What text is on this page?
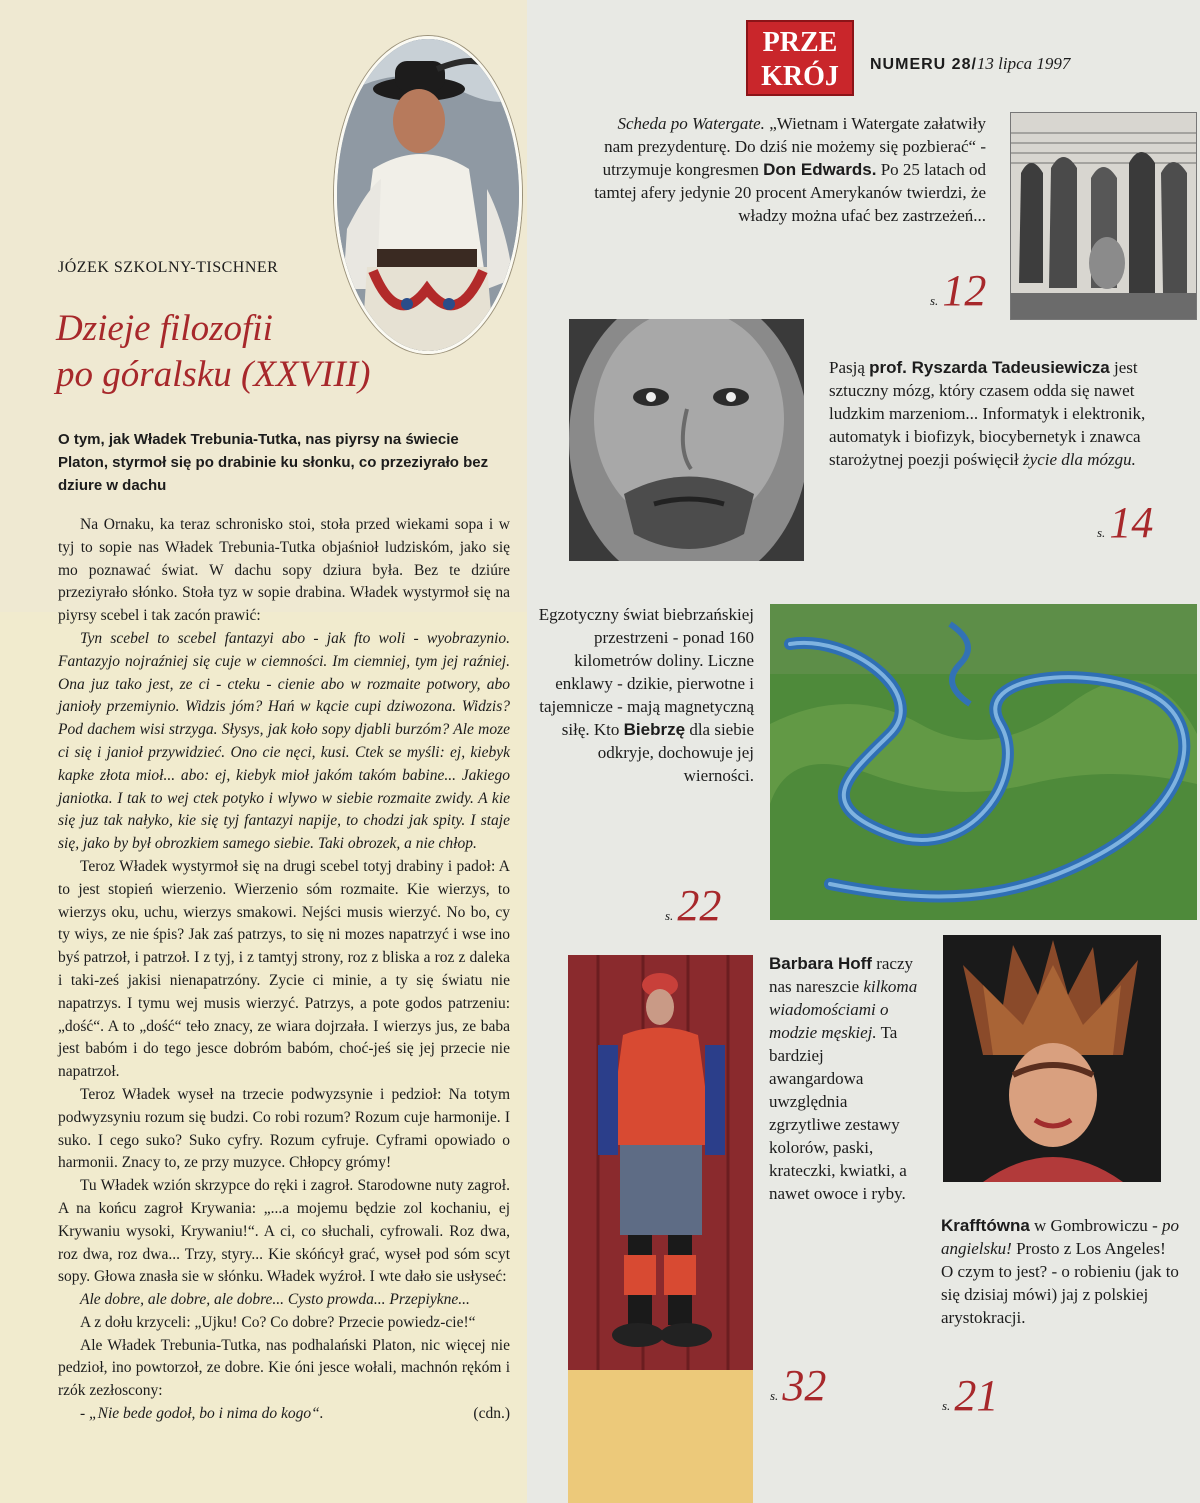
JÓZEK SZKOLNY-TISCHNER
Dzieje filozofii
po góralsku (XXVIII)
O tym, jak Władek Trebunia-Tutka, nas piyrsy na świecie Platon, styrmoł się po drabinie ku słonku, co przeziyrało bez dziure w dachu

Na Ornaku, ka teraz schronisko stoi, stoła przed wiekami sopa i w tyj to sopie nas Władek Trebunia-Tutka objaśnioł ludziskóm, jako się mo poznawać świat. W dachu sopy dziura była. Bez te dziúre przeziyrało słónko. Stoła tyz w sopie drabina. Władek wystyrmoł się na piyrsy scebel i tak zacón prawić:

Tyn scebel to scebel fantazyi abo - jak fto woli - wyobrazynio. Fantazyjo nojraźniej się cuje w ciemności. Im ciemniej, tym jej raźniej. Ona juz tako jest, ze ci - cteku - cienie abo w rozmaite potwory, abo janioły przemiynio. Widzis jóm? Hań w kącie cupi dziwozona. Widzis? Pod dachem wisi strzyga. Słysys, jak koło sopy djabli burzóm? Ale moze ci się i janioł przywidzieć. Ono cie nęci, kusi. Ctek se myśli: ej, kiebyk kapke złota mioł... abo: ej, kiebyk mioł jakóm takóm babine... Jakiego janiotka. I tak to wej ctek potyko i wlywo w siebie rozmaite zwidy. A kie się juz tak nałyko, kie się tyj fantazyi napije, to chodzi jak spity. I staje się, jako by był obrozkiem samego siebie. Taki obrozek, a nie chłop.

Teroz Władek wystyrmoł się na drugi scebel totyj drabiny i padoł: A to jest stopień wierzenio. Wierzenio sóm rozmaite. Kie wierzys, to wierzys oku, uchu, wierzys smakowi. Nejści musis wierzyć. No bo, cy ty wiys, ze nie śpis? Jak zaś patrzys, to się ni mozes napatrzyć i wse ino byś patrzoł, i patrzoł. I z tyj, i z tamtyj strony, roz z bliska a roz z daleka i taki-ześ jakisi nienapatrzóny. Zycie ci minie, a ty się światu nie napatrzys. I tymu wej musis wierzyć. Patrzys, a pote godos patrzeniu: „dość“. A to „dość“ teło znacy, ze wiara dojrzała. I wierzys jus, ze baba jest babóm i do tego jesce dobróm babóm, choć-jeś się jej przecie nie napatrzoł.

Teroz Władek wyseł na trzecie podwyzsynie i pedzioł: Na totym podwyzsyniu rozum się budzi. Co robi rozum? Rozum cuje harmonije. I suko. I cego suko? Suko cyfry. Rozum cyfruje. Cyframi opowiado o harmonii. Znacy to, ze przy muzyce. Chłopcy grómy!

Tu Władek wzión skrzypce do ręki i zagroł. Starodowne nuty zagroł. A na końcu zagroł Krywania: „...a mojemu będzie zol kochaniu, ej Krywaniu wysoki, Krywaniu!“. A ci, co słuchali, cyfrowali. Roz dwa, roz dwa, roz dwa... Trzy, styry... Kie skóńcył grać, wyseł pod sóm scyt sopy. Głowa znasła sie w słónku. Władek wyźroł. I wte dało sie usłyseć:

Ale dobre, ale dobre, ale dobre... Cysto prowda... Przepiykne...

A z dołu krzyceli: „Ujku! Co? Co dobre? Przecie powiedz-cie!“

Ale Władek Trebunia-Tutka, nas podhalański Platon, nic więcej nie pedzioł, ino powtorzoł, ze dobre. Kie óni jesce wołali, machnón rękóm i rzók zezłoscony:

- „Nie bede godoł, bo i nima do kogo“.	(cdn.)

PRZE
KRÓJ	NUMERU 28/13 lipca 1997
Scheda po Watergate. „Wietnam i Watergate załatwiły nam prezydenturę. Do dziś nie możemy się pozbierać“ - utrzymuje kongresmen Don Edwards. Po 25 latach od tamtej afery jedynie 20 procent Amerykanów twierdzi, że władzy można ufać bez zastrzeżeń...
s.12
Pasją prof. Ryszarda Tadeusiewicza jest sztuczny mózg, który czasem odda się nawet ludzkim marzeniom... Informatyk i elektronik, automatyk i biofizyk, biocybernetyk i znawca starożytnej poezji poświęcił życie dla mózgu.
s.14
Egzotyczny świat biebrzańskiej przestrzeni - ponad 160 kilometrów doliny. Liczne enklawy - dzikie, pierwotne i tajemnicze - mają magnetyczną siłę. Kto Biebrzę dla siebie odkryje, dochowuje jej wierności.
s.22
Barbara Hoff raczy nas nareszcie kilkoma wiadomościami o modzie męskiej. Ta bardziej awangardowa uwzględnia zgrzytliwe zestawy kolorów, paski, krateczki, kwiatki, a nawet owoce i ryby.
s.32
Krafftówna w Gombrowiczu - po angielsku! Prosto z Los Angeles! O czym to jest? - o robieniu (jak to się dzisiaj mówi) jaj z polskiej arystokracji.
s.21
